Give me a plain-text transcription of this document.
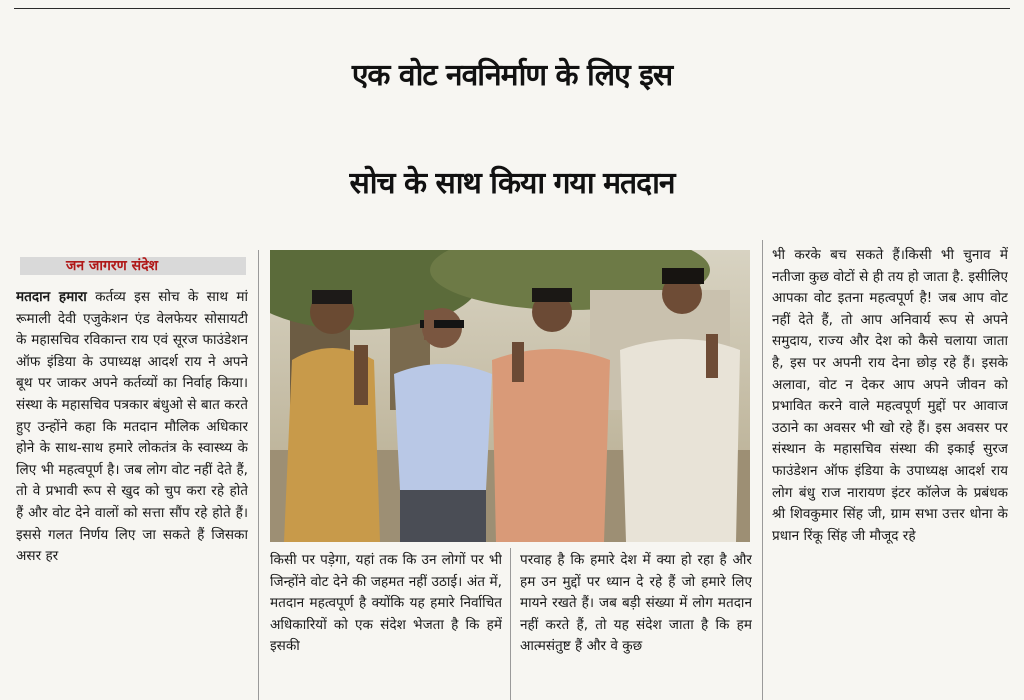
एक वोट नवनिर्माण के लिए इस
सोच के साथ किया गया मतदान
जन जागरण संदेश

मतदान हमारा कर्तव्य इस सोच के साथ मां रूमाली देवी एजुकेशन एंड वेलफेयर सोसायटी के महासचिव रविकान्त राय एवं सूरज फाउंडेशन ऑफ इंडिया के उपाध्यक्ष आदर्श राय ने अपने बूथ पर जाकर अपने कर्तव्यों का निर्वाह किया। संस्था के महासचिव पत्रकार बंधुओ से बात करते हुए उन्होंने कहा कि मतदान मौलिक अधिकार होने के साथ-साथ हमारे लोकतंत्र के स्वास्थ्य के लिए भी महत्वपूर्ण है। जब लोग वोट नहीं देते हैं, तो वे प्रभावी रूप से खुद को चुप करा रहे होते हैं और वोट देने वालों को सत्ता सौंप रहे होते हैं। इससे गलत निर्णय लिए जा सकते हैं जिसका असर हर	किसी पर पड़ेगा, यहां तक कि उन लोगों पर भी जिन्होंने वोट देने की जहमत नहीं उठाई। अंत में, मतदान महत्वपूर्ण है क्योंकि यह हमारे निर्वाचित अधिकारियों को एक संदेश भेजता है कि हमें इसकी

परवाह है कि हमारे देश में क्या हो रहा है और हम उन मुद्दों पर ध्यान दे रहे हैं जो हमारे लिए मायने रखते हैं। जब बड़ी संख्या में लोग मतदान नहीं करते हैं, तो यह संदेश जाता है कि हम आत्मसंतुष्ट हैं और वे कुछ

भी करके बच सकते हैं।किसी भी चुनाव में नतीजा कुछ वोटों से ही तय हो जाता है. इसीलिए आपका वोट इतना महत्वपूर्ण है! जब आप वोट नहीं देते हैं, तो आप अनिवार्य रूप से अपने समुदाय, राज्य और देश को कैसे चलाया जाता है, इस पर अपनी राय देना छोड़ रहे हैं। इसके अलावा, वोट न देकर आप अपने जीवन को प्रभावित करने वाले महत्वपूर्ण मुद्दों पर आवाज उठाने का अवसर भी खो रहे हैं। इस अवसर पर संस्थान के महासचिव संस्था की इकाई सुरज फाउंडेशन ऑफ इंडिया के उपाध्यक्ष आदर्श राय लोग बंधु राज नारायण इंटर कॉलेज के प्रबंधक श्री शिवकुमार सिंह जी, ग्राम सभा उत्तर धोना के प्रधान रिंकू सिंह जी मौजूद रहे
